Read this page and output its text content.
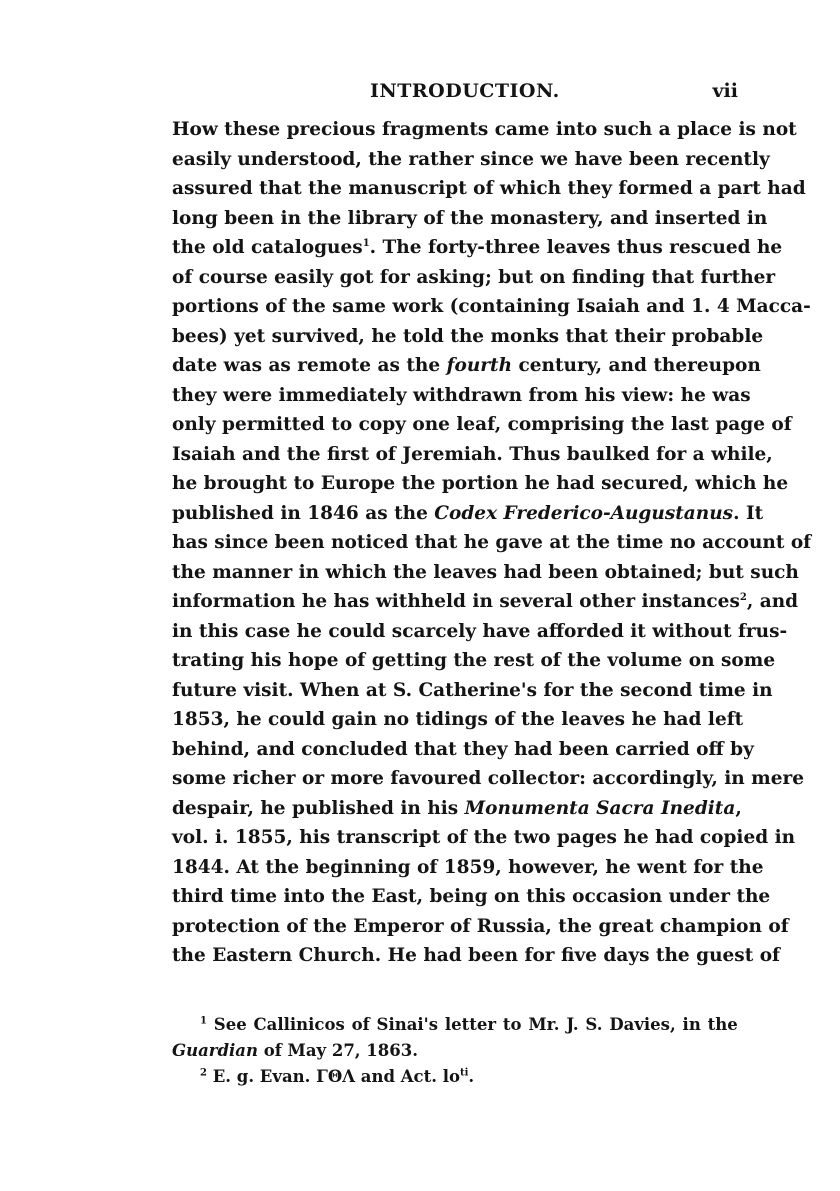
INTRODUCTION.	vii
How these precious fragments came into such a place is not
easily understood, the rather since we have been recently
assured that the manuscript of which they formed a part had
long been in the library of the monastery, and inserted in
the old catalogues$^1$. The forty-three leaves thus rescued he
of course easily got for asking; but on finding that further
portions of the same work (containing Isaiah and 1. 4 Macca-
bees) yet survived, he told the monks that their probable
date was as remote as the fourth century, and thereupon
they were immediately withdrawn from his view: he was
only permitted to copy one leaf, comprising the last page of
Isaiah and the first of Jeremiah. Thus baulked for a while,
he brought to Europe the portion he had secured, which he
published in 1846 as the Codex Frederico-Augustanus. It
has since been noticed that he gave at the time no account of
the manner in which the leaves had been obtained; but such
information he has withheld in several other instances$^2$, and
in this case he could scarcely have afforded it without frus-
trating his hope of getting the rest of the volume on some
future visit. When at S. Catherine's for the second time in
1853, he could gain no tidings of the leaves he had left
behind, and concluded that they had been carried off by
some richer or more favoured collector: accordingly, in mere
despair, he published in his Monumenta Sacra Inedita,
vol. i. 1855, his transcript of the two pages he had copied in
1844. At the beginning of 1859, however, he went for the
third time into the East, being on this occasion under the
protection of the Emperor of Russia, the great champion of
the Eastern Church. He had been for five days the guest of
$^1$ See Callinicos of Sinai's letter to Mr. J. S. Davies, in the
Guardian of May 27, 1863.
$^2$ E. g. Evan. ΓΘΛ and Act. $lo^{ti}$.
